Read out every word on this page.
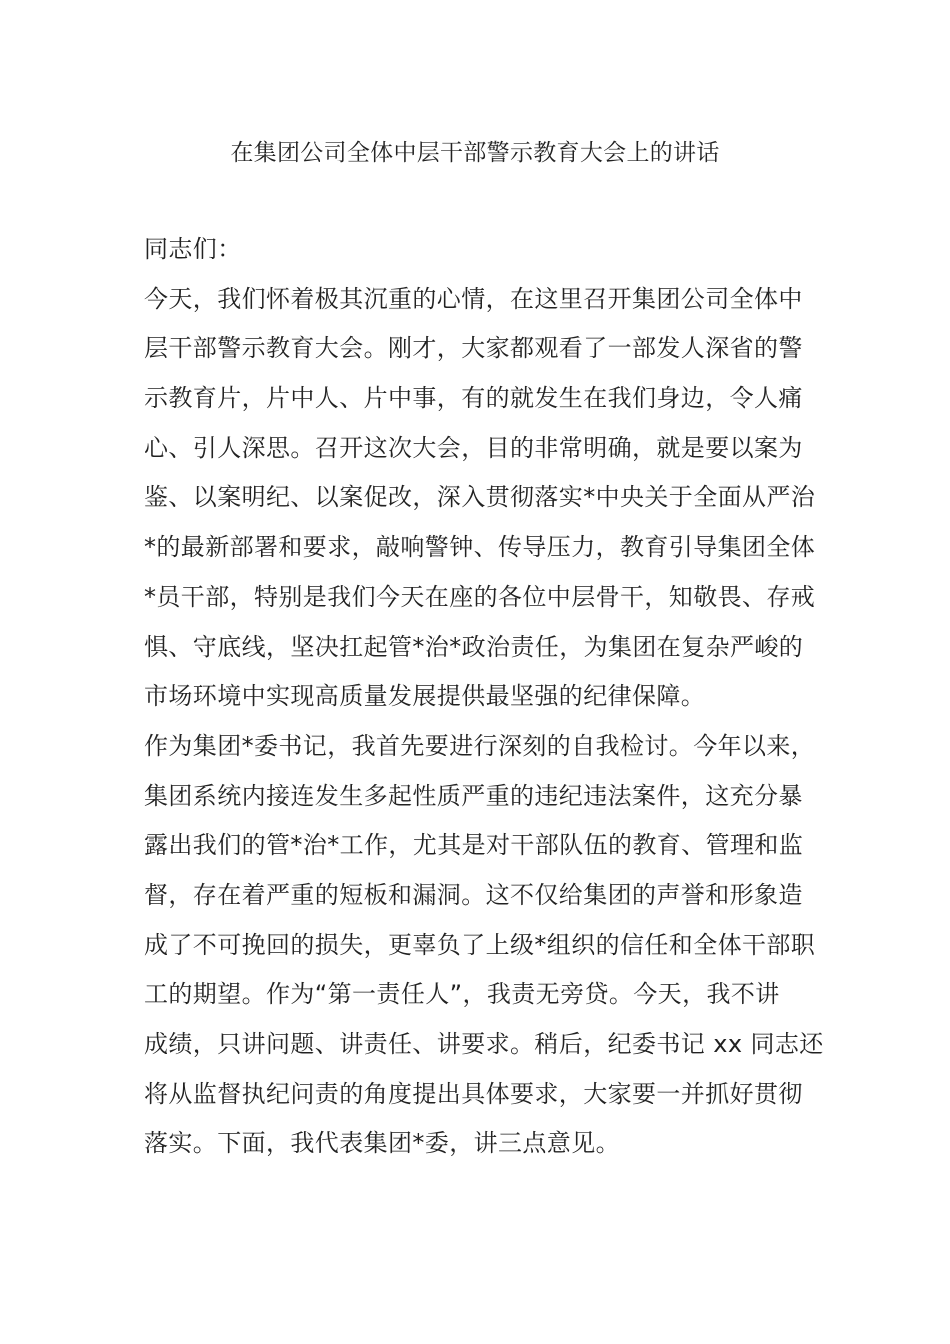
在集团公司全体中层干部警示教育大会上的讲话
同志们：
今天，我们怀着极其沉重的心情，在这里召开集团公司全体中
层干部警示教育大会。刚才，大家都观看了一部发人深省的警
示教育片，片中人、片中事，有的就发生在我们身边，令人痛
心、引人深思。召开这次大会，目的非常明确，就是要以案为
鉴、以案明纪、以案促改，深入贯彻落实*中央关于全面从严治
*的最新部署和要求，敲响警钟、传导压力，教育引导集团全体
*员干部，特别是我们今天在座的各位中层骨干，知敬畏、存戒
惧、守底线，坚决扛起管*治*政治责任，为集团在复杂严峻的
市场环境中实现高质量发展提供最坚强的纪律保障。
作为集团*委书记，我首先要进行深刻的自我检讨。今年以来，
集团系统内接连发生多起性质严重的违纪违法案件，这充分暴
露出我们的管*治*工作，尤其是对干部队伍的教育、管理和监
督，存在着严重的短板和漏洞。这不仅给集团的声誉和形象造
成了不可挽回的损失，更辜负了上级*组织的信任和全体干部职
工的期望。作为“第一责任人”，我责无旁贷。今天，我不讲
成绩，只讲问题、讲责任、讲要求。稍后，纪委书记 xx 同志还
将从监督执纪问责的角度提出具体要求，大家要一并抓好贯彻
落实。下面，我代表集团*委，讲三点意见。
